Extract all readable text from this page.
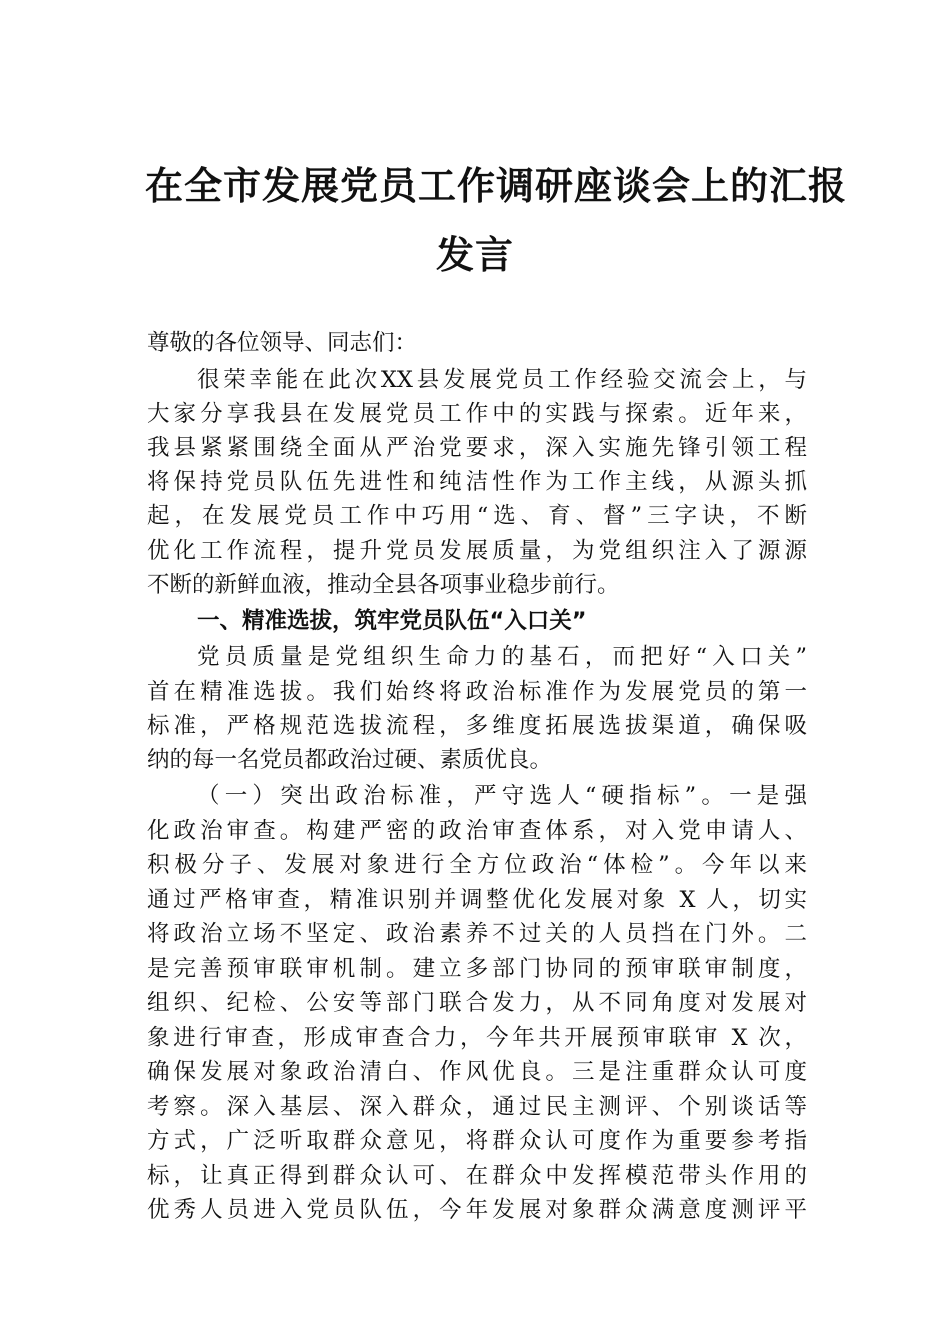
在全市发展党员工作调研座谈会上的汇报
发言
尊敬的各位领导、同志们：
很荣幸能在此次XX县发展党员工作经验交流会上，与
大家分享我县在发展党员工作中的实践与探索。近年来，
我县紧紧围绕全面从严治党要求，深入实施先锋引领工程
将保持党员队伍先进性和纯洁性作为工作主线，从源头抓
起，在发展党员工作中巧用“选、育、督”三字诀，不断
优化工作流程，提升党员发展质量，为党组织注入了源源
不断的新鲜血液，推动全县各项事业稳步前行。
一、精准选拔，筑牢党员队伍“入口关”
党员质量是党组织生命力的基石，而把好“入口关”
首在精准选拔。我们始终将政治标准作为发展党员的第一
标准，严格规范选拔流程，多维度拓展选拔渠道，确保吸
纳的每一名党员都政治过硬、素质优良。
（一）突出政治标准，严守选人“硬指标”。一是强
化政治审查。构建严密的政治审查体系，对入党申请人、
积极分子、发展对象进行全方位政治“体检”。今年以来
通过严格审查，精准识别并调整优化发展对象 X 人，切实
将政治立场不坚定、政治素养不过关的人员挡在门外。二
是完善预审联审机制。建立多部门协同的预审联审制度，
组织、纪检、公安等部门联合发力，从不同角度对发展对
象进行审查，形成审查合力，今年共开展预审联审 X 次，
确保发展对象政治清白、作风优良。三是注重群众认可度
考察。深入基层、深入群众，通过民主测评、个别谈话等
方式，广泛听取群众意见，将群众认可度作为重要参考指
标，让真正得到群众认可、在群众中发挥模范带头作用的
优秀人员进入党员队伍，今年发展对象群众满意度测评平
